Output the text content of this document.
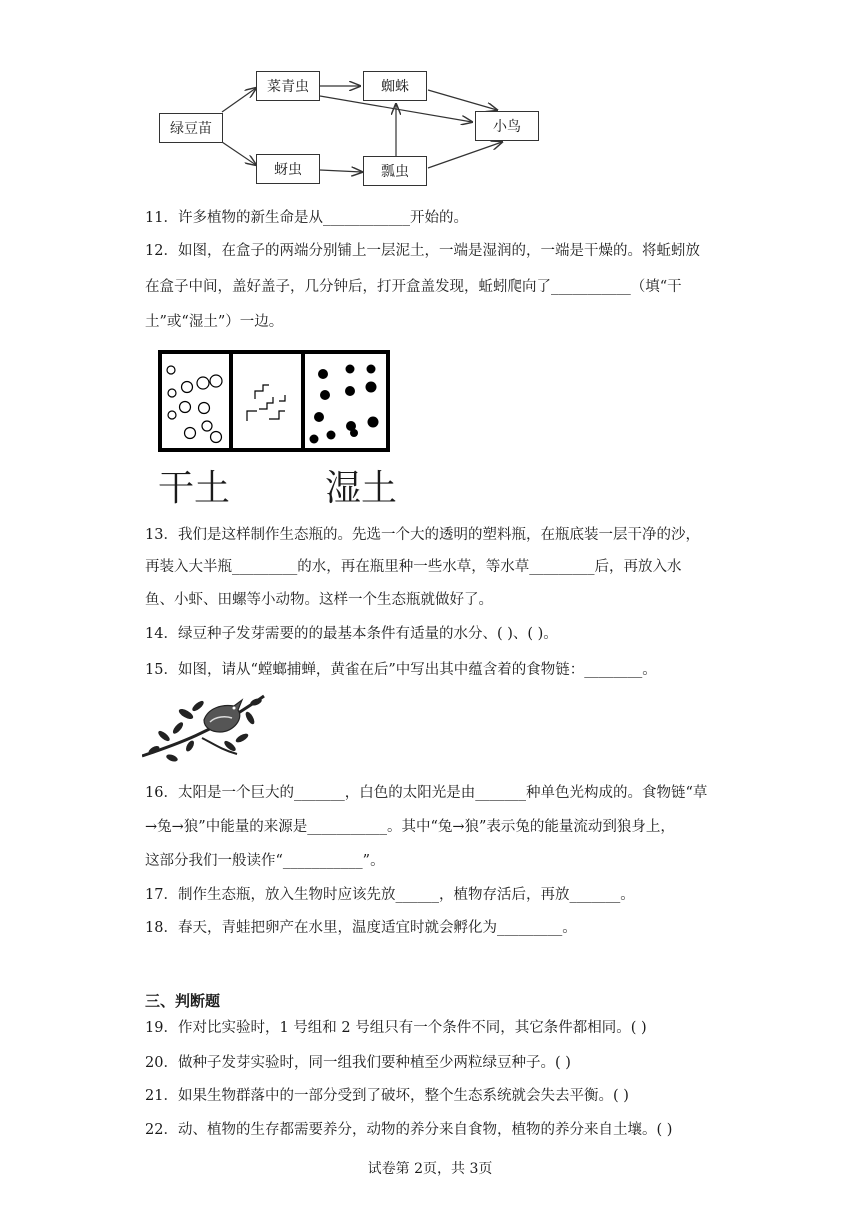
绿豆苗
菜青虫
蚜虫
蜘蛛
瓢虫
小鸟
11．许多植物的新生命是从____________开始的。
12．如图，在盒子的两端分别铺上一层泥土，一端是湿润的，一端是干燥的。将蚯蚓放
在盒子中间，盖好盖子，几分钟后，打开盒盖发现，蚯蚓爬向了___________（填“干
土”或“湿土”）一边。
干土	湿土
13．我们是这样制作生态瓶的。先选一个大的透明的塑料瓶，在瓶底装一层干净的沙，
再装入大半瓶_________的水，再在瓶里种一些水草，等水草_________后，再放入水
鱼、小虾、田螺等小动物。这样一个生态瓶就做好了。
14．绿豆种子发芽需要的的最基本条件有适量的水分、( )、( )。
15．如图，请从“螳螂捕蝉，黄雀在后”中写出其中蕴含着的食物链：________。
16．太阳是一个巨大的_______，白色的太阳光是由_______种单色光构成的。食物链“草
→兔→狼”中能量的来源是___________。其中“兔→狼”表示兔的能量流动到狼身上，
这部分我们一般读作“___________”。
17．制作生态瓶，放入生物时应该先放______，植物存活后，再放_______。
18．春天，青蛙把卵产在水里，温度适宜时就会孵化为_________。
三、判断题
19．作对比实验时，1 号组和 2 号组只有一个条件不同，其它条件都相同。( )
20．做种子发芽实验时，同一组我们要种植至少两粒绿豆种子。( )
21．如果生物群落中的一部分受到了破坏，整个生态系统就会失去平衡。( )
22．动、植物的生存都需要养分，动物的养分来自食物，植物的养分来自土壤。( )
试卷第 2页，共 3页
